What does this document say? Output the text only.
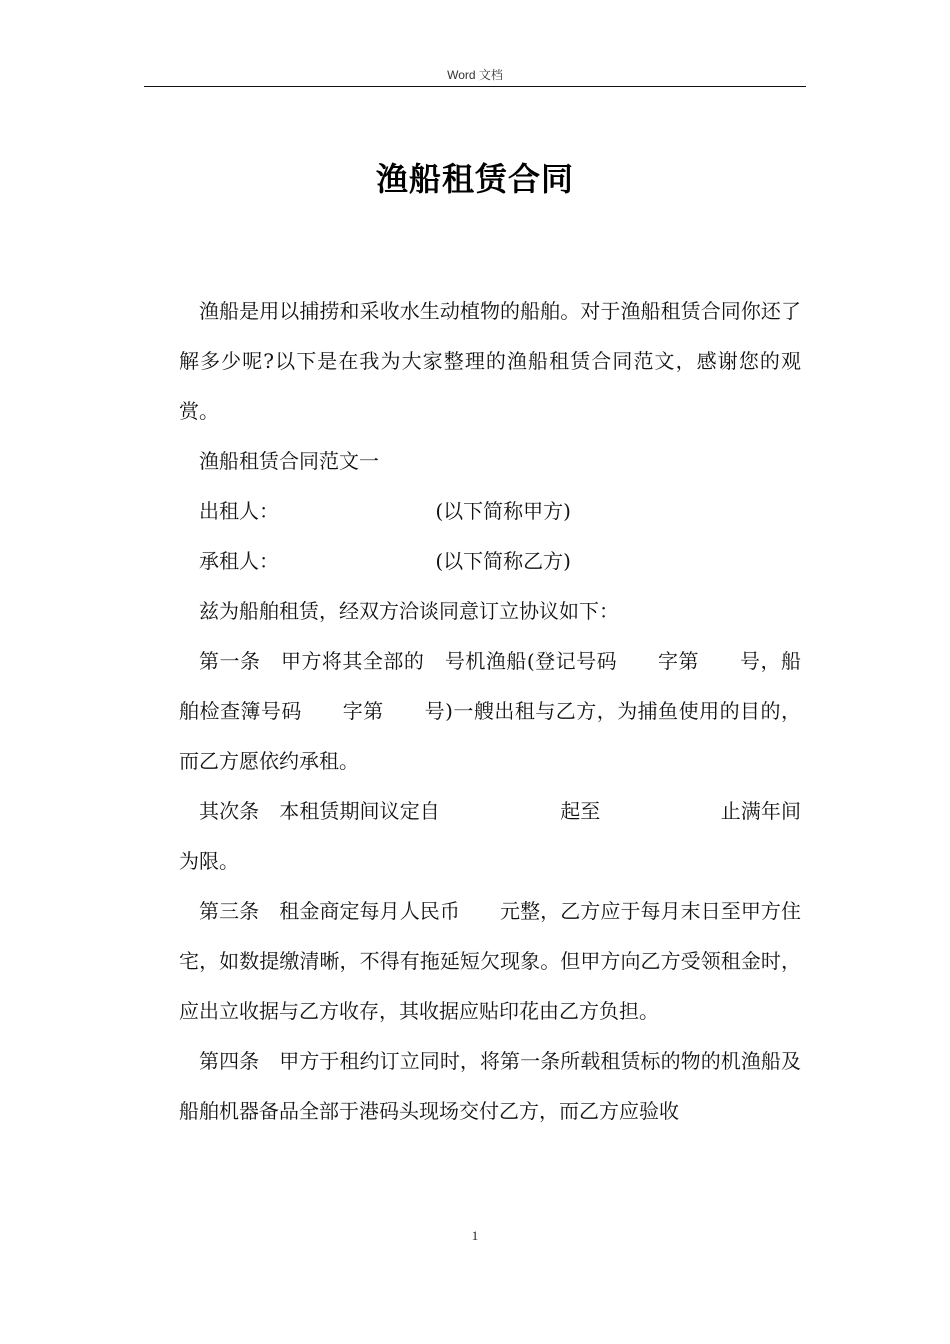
Word 文档
渔船租赁合同

渔船是用以捕捞和采收水生动植物的船舶。对于渔船租赁合同你还了解多少呢?以下是在我为大家整理的渔船租赁合同范文，感谢您的观赏。

渔船租赁合同范文一

出租人：　　　　　　　　 (以下简称甲方)

承租人：　　　　　　　　 (以下简称乙方)

兹为船舶租赁，经双方洽谈同意订立协议如下：

第一条　甲方将其全部的　号机渔船(登记号码　　字第　　号，船舶检查簿号码　　字第　　号)一艘出租与乙方，为捕鱼使用的目的，而乙方愿依约承租。

其次条　本租赁期间议定自　　　　　　起至　　　　　　止满年间为限。

第三条　租金商定每月人民币　　元整，乙方应于每月末日至甲方住宅，如数提缴清晰，不得有拖延短欠现象。但甲方向乙方受领租金时，应出立收据与乙方收存，其收据应贴印花由乙方负担。

第四条　甲方于租约订立同时，将第一条所载租赁标的物的机渔船及船舶机器备品全部于港码头现场交付乙方，而乙方应验收

1
